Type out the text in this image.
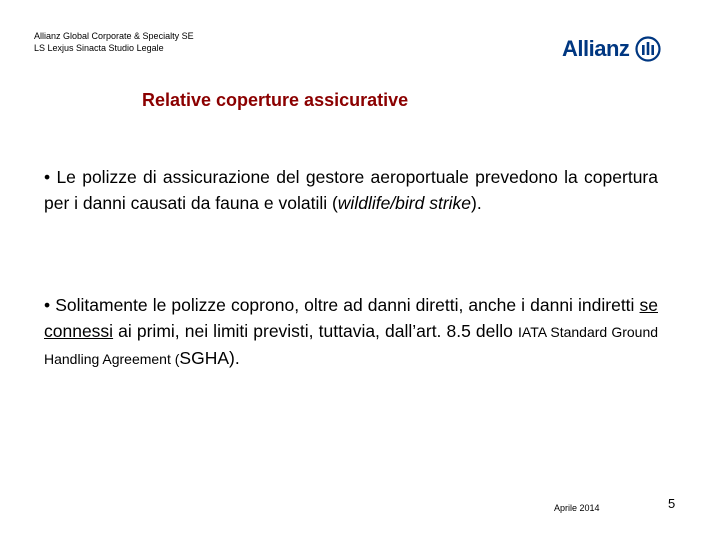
Allianz Global Corporate & Specialty SE
LS Lexjus Sinacta Studio Legale	Allianz
Relative coperture assicurative
• Le polizze di assicurazione del gestore aeroportuale prevedono la copertura per i danni causati da fauna e volatili (wildlife/bird strike).
• Solitamente le polizze coprono, oltre ad danni diretti, anche i danni indiretti se connessi ai primi, nei limiti previsti, tuttavia, dall’art. 8.5 dello IATA Standard Ground Handling Agreement (SGHA).
Aprile 2014	5
